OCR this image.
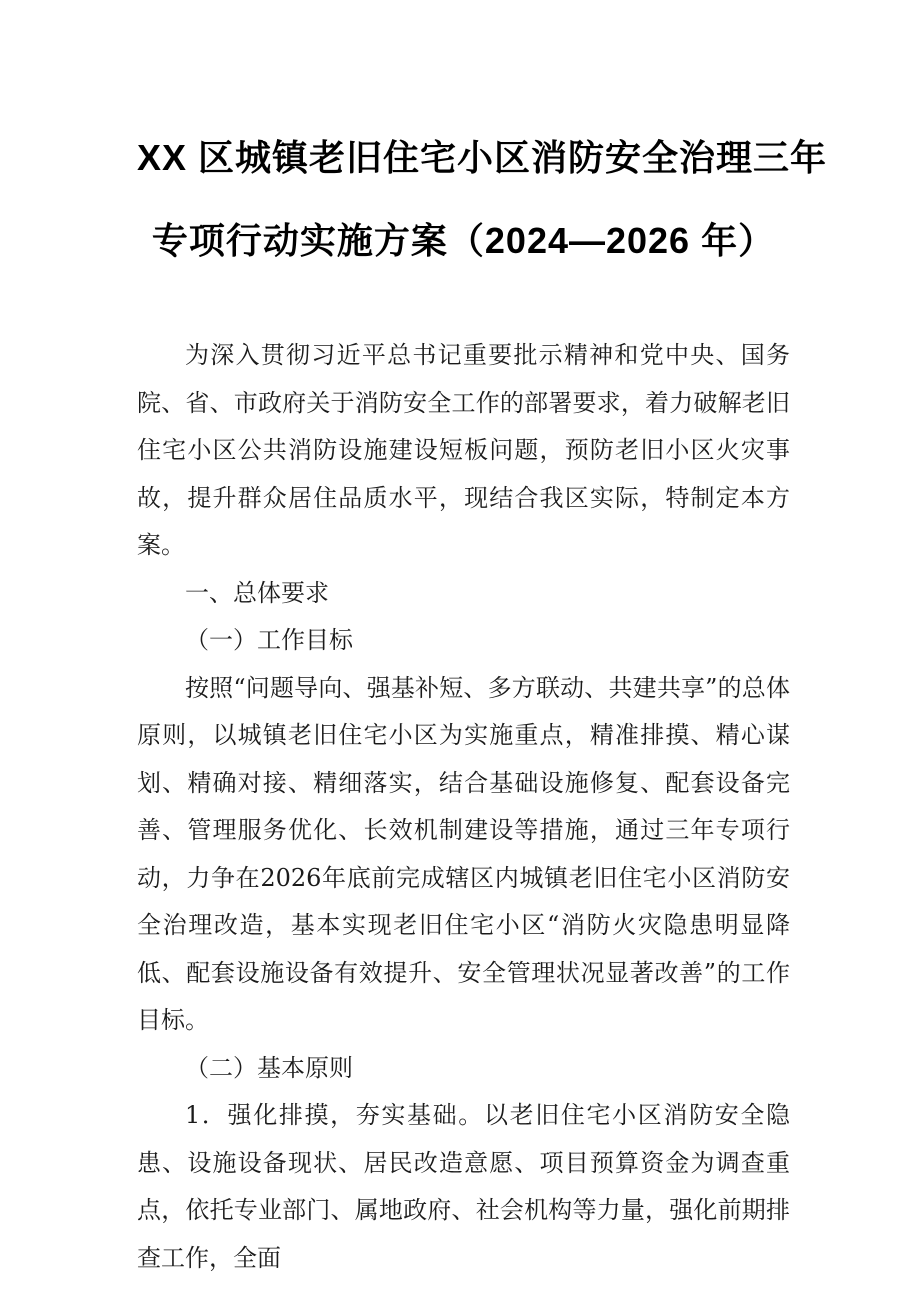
XX 区城镇老旧住宅小区消防安全治理三年
专项行动实施方案（2024—2026 年）

为深入贯彻习近平总书记重要批示精神和党中央、国务院、省、市政府关于消防安全工作的部署要求，着力破解老旧住宅小区公共消防设施建设短板问题，预防老旧小区火灾事故，提升群众居住品质水平，现结合我区实际，特制定本方案。

一、总体要求

（一）工作目标

按照“问题导向、强基补短、多方联动、共建共享”的总体原则，以城镇老旧住宅小区为实施重点，精准排摸、精心谋划、精确对接、精细落实，结合基础设施修复、配套设备完善、管理服务优化、长效机制建设等措施，通过三年专项行动，力争在2026年底前完成辖区内城镇老旧住宅小区消防安全治理改造，基本实现老旧住宅小区“消防火灾隐患明显降低、配套设施设备有效提升、安全管理状况显著改善”的工作目标。

（二）基本原则

1．强化排摸，夯实基础。以老旧住宅小区消防安全隐患、设施设备现状、居民改造意愿、项目预算资金为调查重点，依托专业部门、属地政府、社会机构等力量，强化前期排查工作，全面
